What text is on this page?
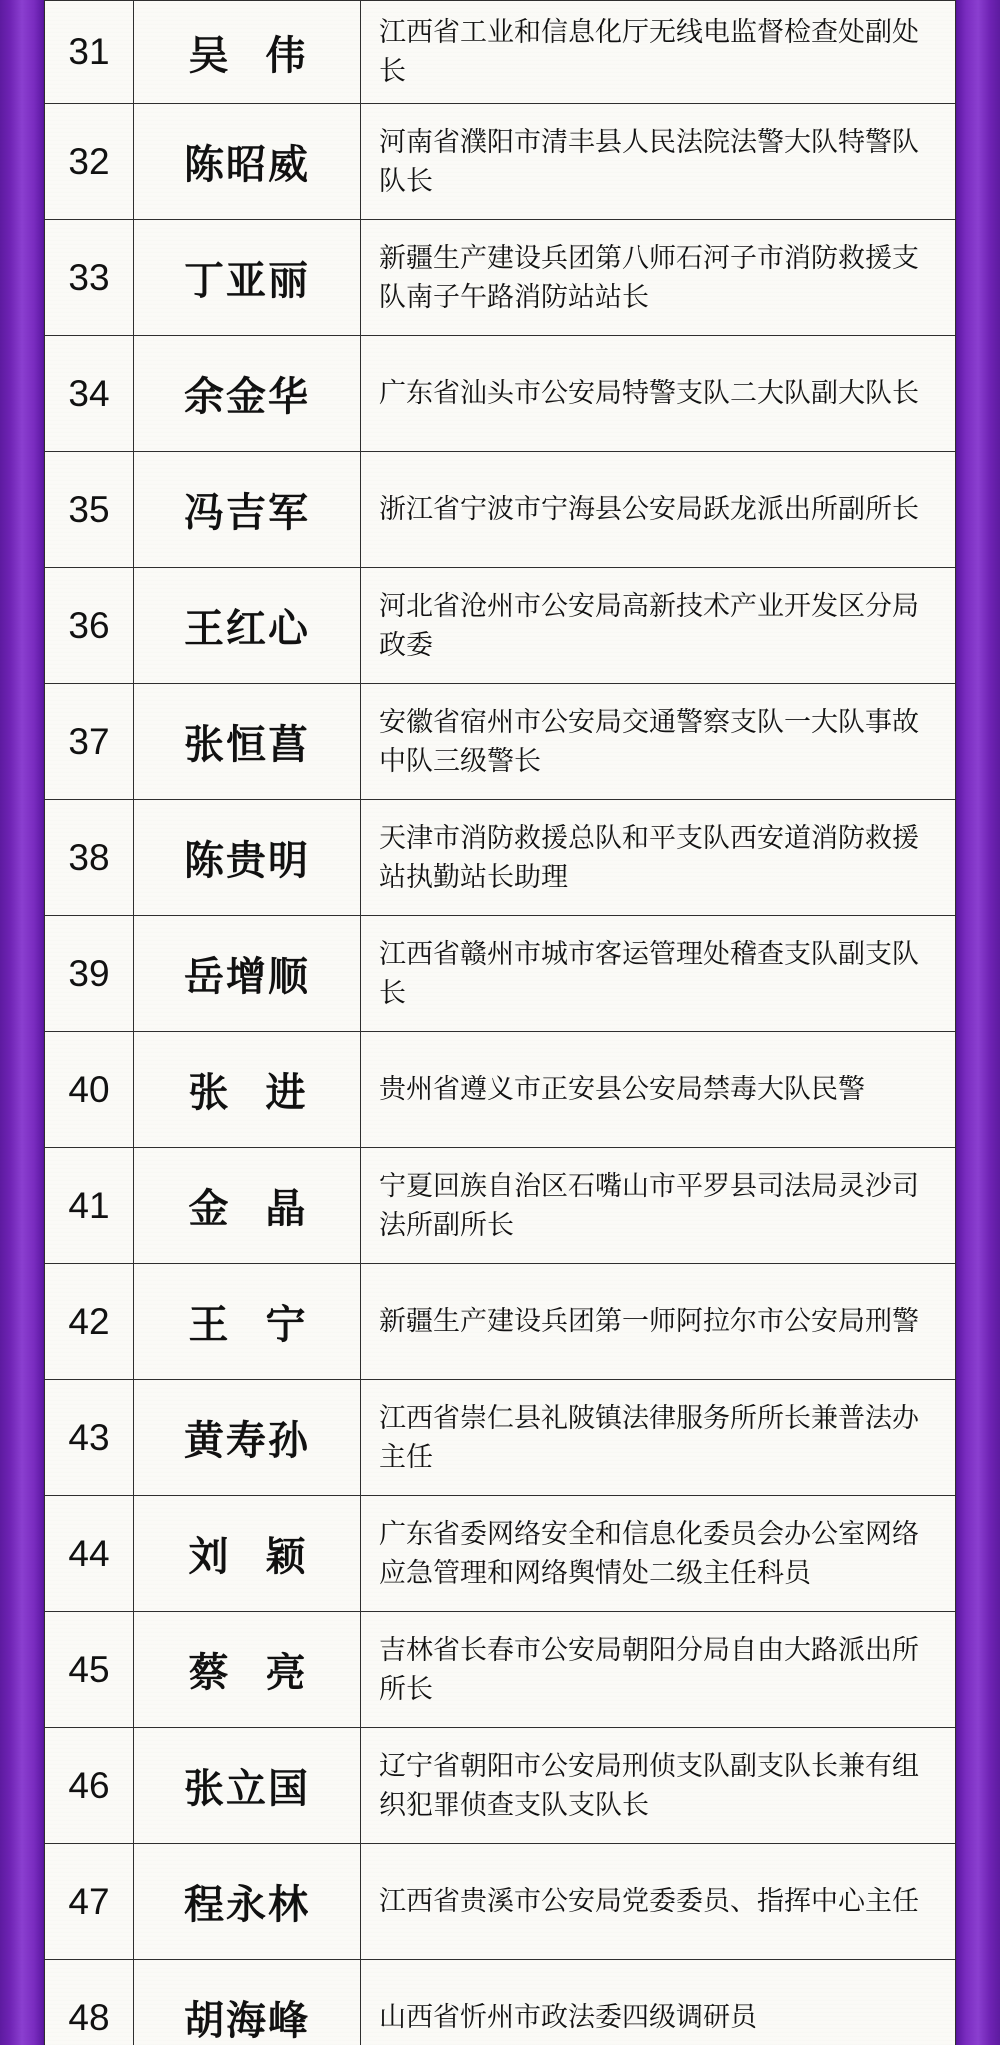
31	吴 伟	江西省工业和信息化厅无线电监督检查处副处长
32	陈昭威	河南省濮阳市清丰县人民法院法警大队特警队队长
33	丁亚丽	新疆生产建设兵团第八师石河子市消防救援支队南子午路消防站站长
34	余金华	广东省汕头市公安局特警支队二大队副大队长
35	冯吉军	浙江省宁波市宁海县公安局跃龙派出所副所长
36	王红心	河北省沧州市公安局高新技术产业开发区分局政委
37	张恒菖	安徽省宿州市公安局交通警察支队一大队事故中队三级警长
38	陈贵明	天津市消防救援总队和平支队西安道消防救援站执勤站长助理
39	岳增顺	江西省赣州市城市客运管理处稽查支队副支队长
40	张 进	贵州省遵义市正安县公安局禁毒大队民警
41	金 晶	宁夏回族自治区石嘴山市平罗县司法局灵沙司法所副所长
42	王 宁	新疆生产建设兵团第一师阿拉尔市公安局刑警
43	黄寿孙	江西省崇仁县礼陂镇法律服务所所长兼普法办主任
44	刘 颖	广东省委网络安全和信息化委员会办公室网络应急管理和网络舆情处二级主任科员
45	蔡 亮	吉林省长春市公安局朝阳分局自由大路派出所所长
46	张立国	辽宁省朝阳市公安局刑侦支队副支队长兼有组织犯罪侦查支队支队长
47	程永林	江西省贵溪市公安局党委委员、指挥中心主任
48	胡海峰	山西省忻州市政法委四级调研员
